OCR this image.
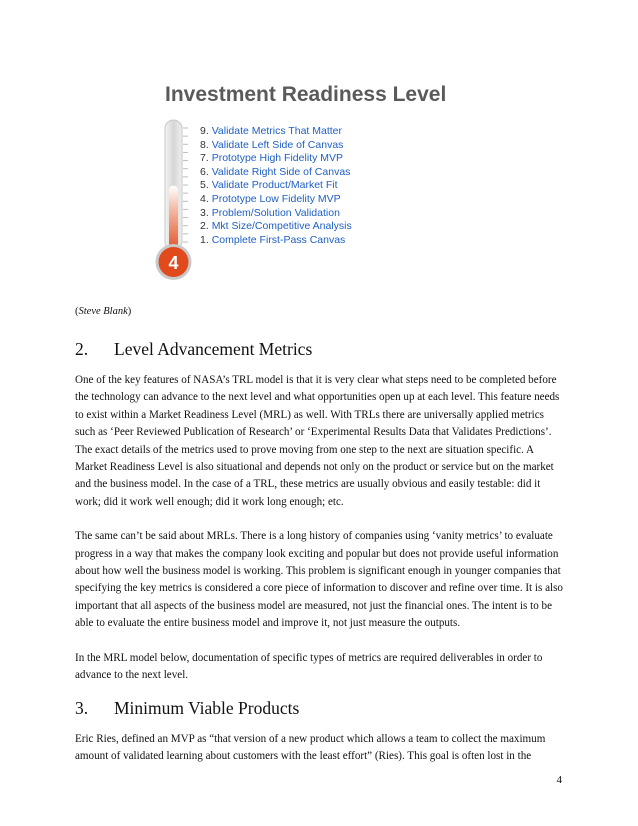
Investment Readiness Level
4
9. Validate Metrics That Matter
8. Validate Left Side of Canvas
7. Prototype High Fidelity MVP
6. Validate Right Side of Canvas
5. Validate Product/Market Fit
4. Prototype Low Fidelity MVP
3. Problem/Solution Validation
2. Mkt Size/Competitive Analysis
1. Complete First-Pass Canvas

(Steve Blank)

2. Level Advancement Metrics

One of the key features of NASA’s TRL model is that it is very clear what steps need to be completed before the technology can advance to the next level and what opportunities open up at each level. This feature needs to exist within a Market Readiness Level (MRL) as well. With TRLs there are universally applied metrics such as ‘Peer Reviewed Publication of Research’ or ‘Experimental Results Data that Validates Predictions’. The exact details of the metrics used to prove moving from one step to the next are situation specific. A Market Readiness Level is also situational and depends not only on the product or service but on the market and the business model. In the case of a TRL, these metrics are usually obvious and easily testable: did it work; did it work well enough; did it work long enough; etc.

The same can’t be said about MRLs. There is a long history of companies using ‘vanity metrics’ to evaluate progress in a way that makes the company look exciting and popular but does not provide useful information about how well the business model is working. This problem is significant enough in younger companies that specifying the key metrics is considered a core piece of information to discover and refine over time. It is also important that all aspects of the business model are measured, not just the financial ones. The intent is to be able to evaluate the entire business model and improve it, not just measure the outputs.

In the MRL model below, documentation of specific types of metrics are required deliverables in order to advance to the next level.

3. Minimum Viable Products

Eric Ries, defined an MVP as “that version of a new product which allows a team to collect the maximum amount of validated learning about customers with the least effort” (Ries). This goal is often lost in the

4
